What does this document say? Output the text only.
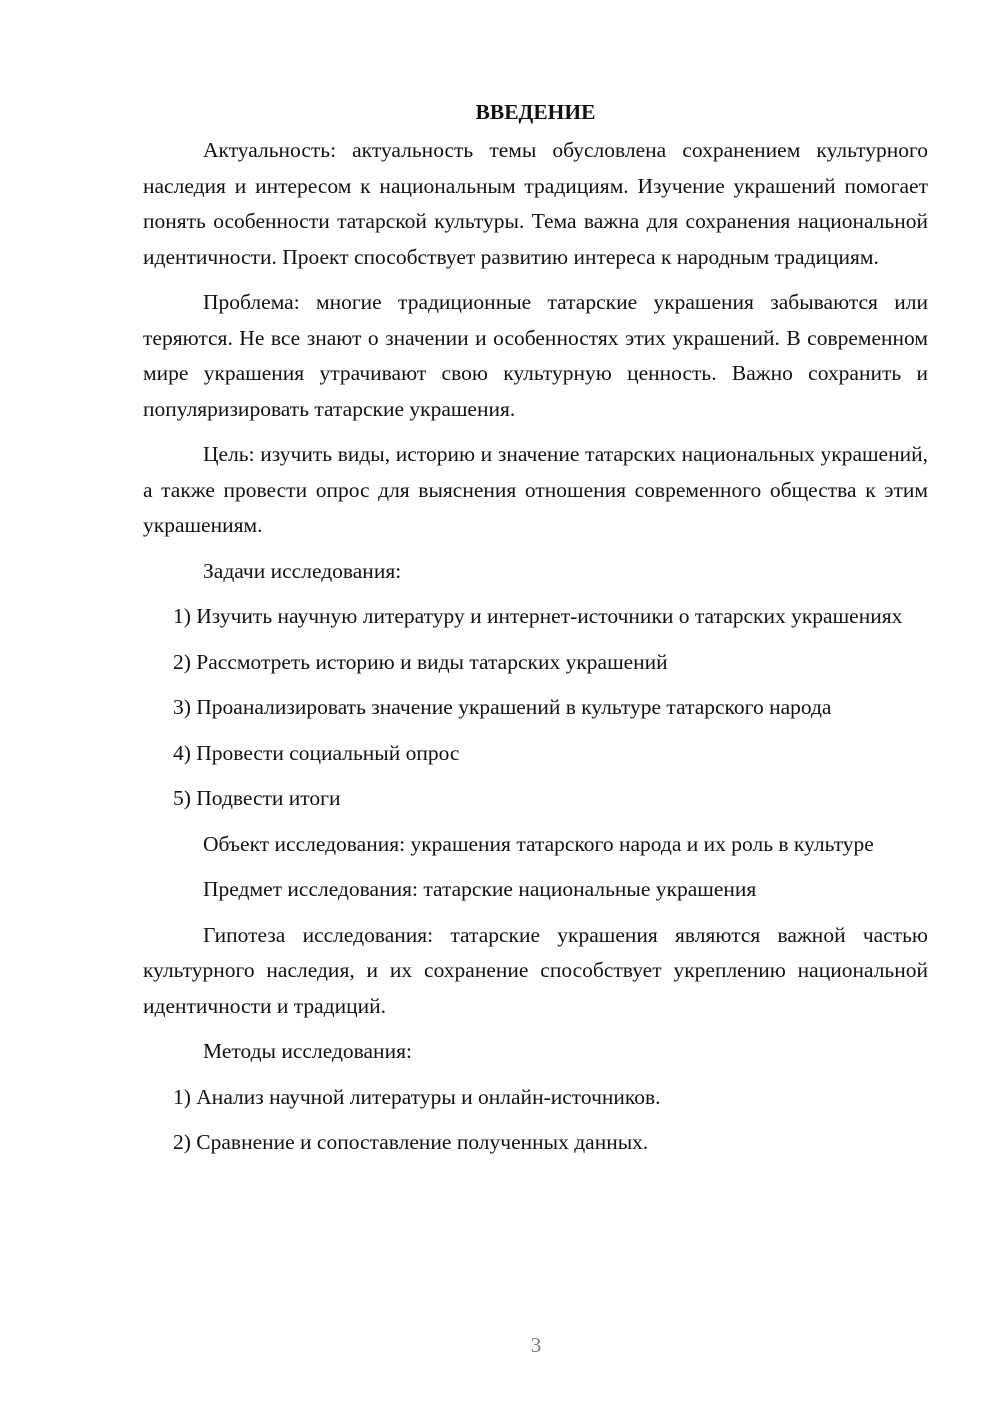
ВВЕДЕНИЕ

Актуальность: актуальность темы обусловлена сохранением культурного наследия и интересом к национальным традициям. Изучение украшений помогает понять особенности татарской культуры. Тема важна для сохранения национальной идентичности. Проект способствует развитию интереса к народным традициям.

Проблема: многие традиционные татарские украшения забываются или теряются. Не все знают о значении и особенностях этих украшений. В современном мире украшения утрачивают свою культурную ценность. Важно сохранить и популяризировать татарские украшения.

Цель: изучить виды, историю и значение татарских национальных украшений, а также провести опрос для выяснения отношения современного общества к этим украшениям.

Задачи исследования:

1) Изучить научную литературу и интернет-источники о татарских украшениях

2) Рассмотреть историю и виды татарских украшений

3) Проанализировать значение украшений в культуре татарского народа

4) Провести социальный опрос

5) Подвести итоги

Объект исследования: украшения татарского народа и их роль в культуре

Предмет исследования: татарские национальные украшения

Гипотеза исследования: татарские украшения являются важной частью культурного наследия, и их сохранение способствует укреплению национальной идентичности и традиций.

Методы исследования:

1) Анализ научной литературы и онлайн-источников.

2) Сравнение и сопоставление полученных данных.

3
